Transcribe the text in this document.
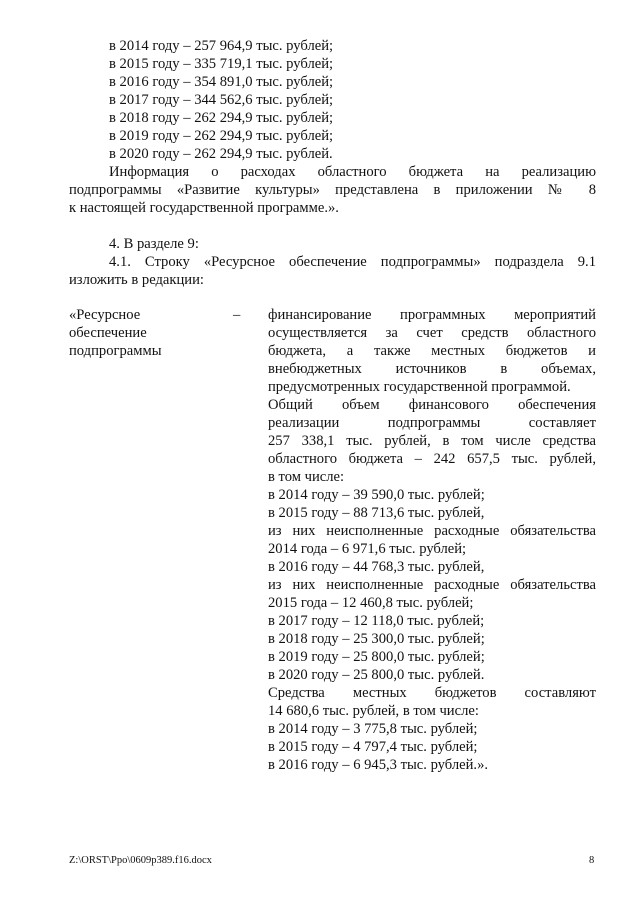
в 2014 году – 257 964,9 тыс. рублей;
в 2015 году – 335 719,1 тыс. рублей;
в 2016 году – 354 891,0 тыс. рублей;
в 2017 году – 344 562,6 тыс. рублей;
в 2018 году – 262 294,9 тыс. рублей;
в 2019 году – 262 294,9 тыс. рублей;
в 2020 году – 262 294,9 тыс. рублей.
Информация о расходах областного бюджета на реализацию
подпрограммы «Развитие культуры» представлена в приложении № 8
к настоящей государственной программе.».
4. В разделе 9:
4.1. Строку «Ресурсное обеспечение подпрограммы» подраздела 9.1
изложить в редакции:
«Ресурсное
обеспечение
подпрограммы
– финансирование программных мероприятий
осуществляется за счет средств областного
бюджета, а также местных бюджетов и
внебюджетных источников в объемах,
предусмотренных государственной программой.
Общий объем финансового обеспечения
реализации подпрограммы составляет
257 338,1 тыс. рублей, в том числе средства
областного бюджета – 242 657,5 тыс. рублей,
в том числе:
в 2014 году – 39 590,0 тыс. рублей;
в 2015 году – 88 713,6 тыс. рублей,
из них неисполненные расходные обязательства
2014 года – 6 971,6 тыс. рублей;
в 2016 году – 44 768,3 тыс. рублей,
из них неисполненные расходные обязательства
2015 года – 12 460,8 тыс. рублей;
в 2017 году – 12 118,0 тыс. рублей;
в 2018 году – 25 300,0 тыс. рублей;
в 2019 году – 25 800,0 тыс. рублей;
в 2020 году – 25 800,0 тыс. рублей.
Средства местных бюджетов составляют
14 680,6 тыс. рублей, в том числе:
в 2014 году – 3 775,8 тыс. рублей;
в 2015 году – 4 797,4 тыс. рублей;
в 2016 году – 6 945,3 тыс. рублей.».
Z:\ORST\Ppo\0609p389.f16.docx	8
